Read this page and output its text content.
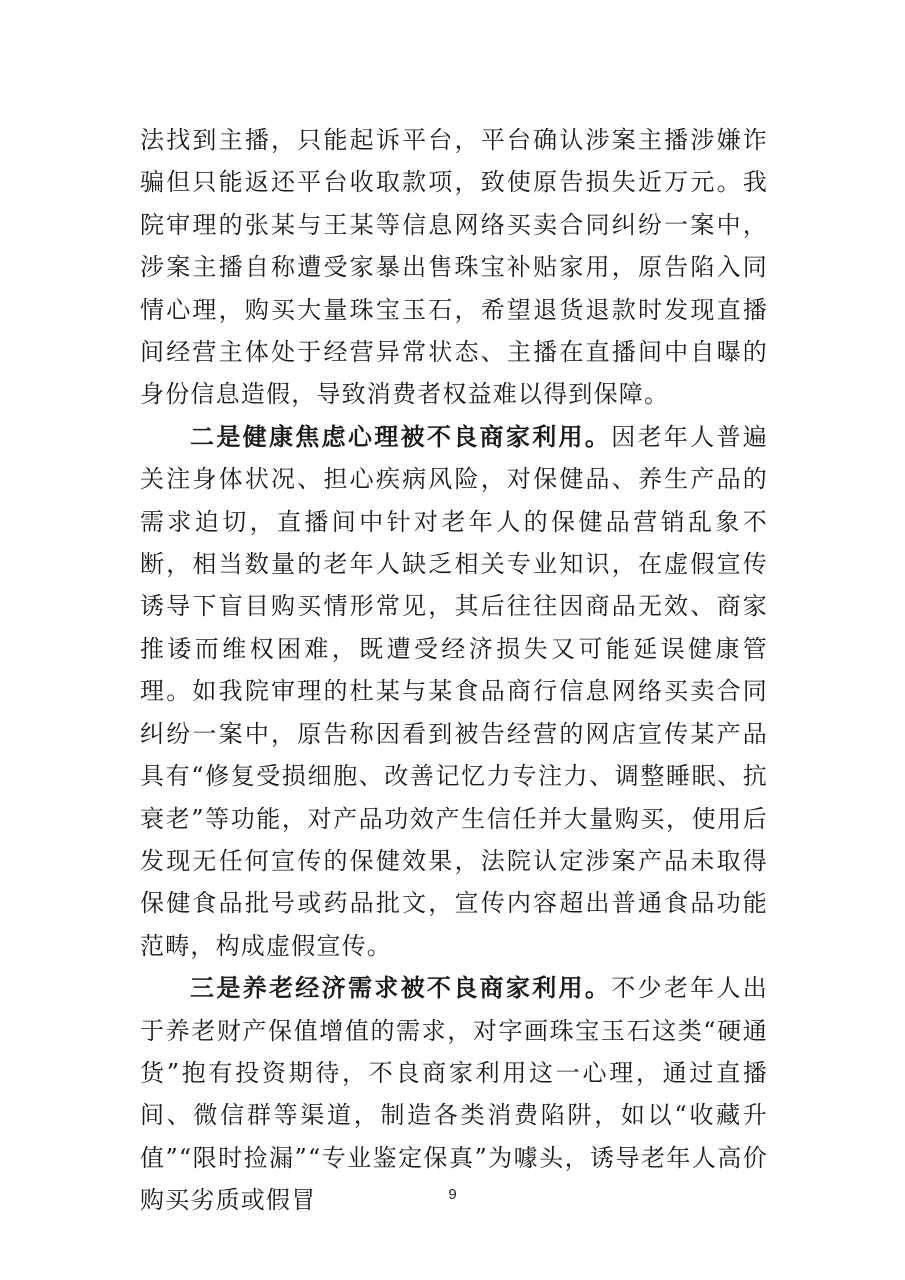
法找到主播，只能起诉平台，平台确认涉案主播涉嫌诈骗但只能返还平台收取款项，致使原告损失近万元。我院审理的张某与王某等信息网络买卖合同纠纷一案中，涉案主播自称遭受家暴出售珠宝补贴家用，原告陷入同情心理，购买大量珠宝玉石，希望退货退款时发现直播间经营主体处于经营异常状态、主播在直播间中自曝的身份信息造假，导致消费者权益难以得到保障。

二是健康焦虑心理被不良商家利用。因老年人普遍关注身体状况、担心疾病风险，对保健品、养生产品的需求迫切，直播间中针对老年人的保健品营销乱象不断，相当数量的老年人缺乏相关专业知识，在虚假宣传诱导下盲目购买情形常见，其后往往因商品无效、商家推诿而维权困难，既遭受经济损失又可能延误健康管理。如我院审理的杜某与某食品商行信息网络买卖合同纠纷一案中，原告称因看到被告经营的网店宣传某产品具有“修复受损细胞、改善记忆力专注力、调整睡眠、抗衰老”等功能，对产品功效产生信任并大量购买，使用后发现无任何宣传的保健效果，法院认定涉案产品未取得保健食品批号或药品批文，宣传内容超出普通食品功能范畴，构成虚假宣传。

三是养老经济需求被不良商家利用。不少老年人出于养老财产保值增值的需求，对字画珠宝玉石这类“硬通货”抱有投资期待，不良商家利用这一心理，通过直播间、微信群等渠道，制造各类消费陷阱，如以“收藏升值”“限时捡漏”“专业鉴定保真”为噱头，诱导老年人高价购买劣质或假冒	9
